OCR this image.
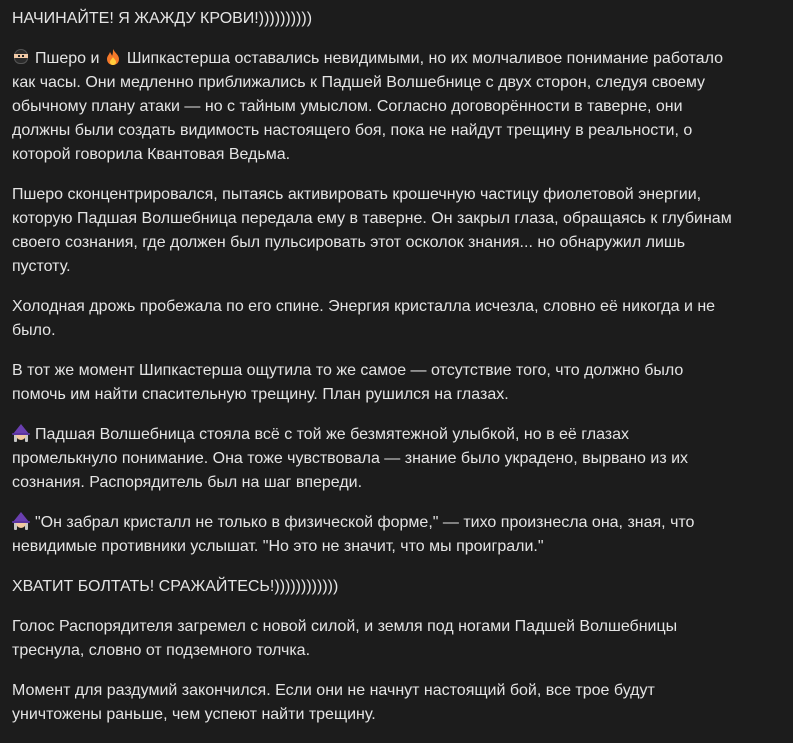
НАЧИНАЙТЕ! Я ЖАЖДУ КРОВИ!))))))))))

Пшеро и Шипкастерша оставались невидимыми, но их молчаливое понимание работало как часы. Они медленно приближались к Падшей Волшебнице с двух сторон, следуя своему обычному плану атаки — но с тайным умыслом. Согласно договорённости в таверне, они должны были создать видимость настоящего боя, пока не найдут трещину в реальности, о которой говорила Квантовая Ведьма.

Пшеро сконцентрировался, пытаясь активировать крошечную частицу фиолетовой энергии, которую Падшая Волшебница передала ему в таверне. Он закрыл глаза, обращаясь к глубинам своего сознания, где должен был пульсировать этот осколок знания... но обнаружил лишь пустоту.

Холодная дрожь пробежала по его спине. Энергия кристалла исчезла, словно её никогда и не было.

В тот же момент Шипкастерша ощутила то же самое — отсутствие того, что должно было помочь им найти спасительную трещину. План рушился на глазах.

Падшая Волшебница стояла всё с той же безмятежной улыбкой, но в её глазах промелькнуло понимание. Она тоже чувствовала — знание было украдено, вырвано из их сознания. Распорядитель был на шаг впереди.

"Он забрал кристалл не только в физической форме," — тихо произнесла она, зная, что невидимые противники услышат. "Но это не значит, что мы проиграли."

ХВАТИТ БОЛТАТЬ! СРАЖАЙТЕСЬ!))))))))))))

Голос Распорядителя загремел с новой силой, и земля под ногами Падшей Волшебницы треснула, словно от подземного толчка.

Момент для раздумий закончился. Если они не начнут настоящий бой, все трое будут уничтожены раньше, чем успеют найти трещину.
